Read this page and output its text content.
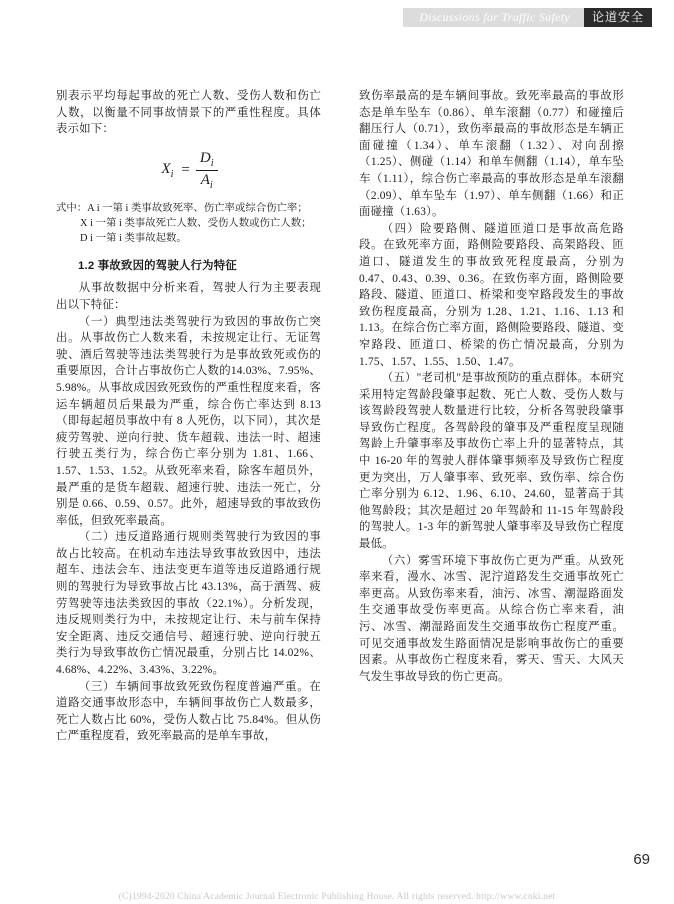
Discussions for Traffic Safety	论道安全

别表示平均每起事故的死亡人数、受伤人数和伤亡人数，以衡量不同事故情景下的严重性程度。具体表示如下：

$X_i = \frac{D_i}{A_i}$
式中：A i 一第 i 类事故致死率、伤亡率或综合伤亡率；
X i 一第 i 类事故死亡人数、受伤人数或伤亡人数；
D i 一第 i 类事故起数。
1.2 事故致因的驾驶人行为特征

从事故数据中分析来看，驾驶人行为主要表现出以下特征：

（一）典型违法类驾驶行为致因的事故伤亡突出。从事故伤亡人数来看，未按规定让行、无证驾驶、酒后驾驶等违法类驾驶行为是事故致死或伤的重要原因，合计占事故伤亡人数的14.03%、7.95%、5.98%。从事故成因致死致伤的严重性程度来看，客运车辆超员后果最为严重，综合伤亡率达到 8.13（即每起超员事故中有 8 人死伤，以下同），其次是疲劳驾驶、逆向行驶、货车超载、违法一时、超速行驶五类行为，综合伤亡率分别为 1.81、1.66、1.57、1.53、1.52。从致死率来看，除客车超员外，最严重的是货车超载、超速行驶、违法一死亡，分别是 0.66、0.59、0.57。此外，超速导致的事故致伤率低，但致死率最高。

（二）违反道路通行规则类驾驶行为致因的事故占比较高。在机动车违法导致事故致因中，违法超车、违法会车、违法变更车道等违反道路通行规则的驾驶行为导致事故占比 43.13%，高于酒驾、疲劳驾驶等违法类致因的事故（22.1%）。分析发现，违反规则类行为中，未按规定让行、未与前车保持安全距离、违反交通信号、超速行驶、逆向行驶五类行为导致事故伤亡情况最重，分别占比 14.02%、4.68%、4.22%、3.43%、3.22%。

（三）车辆间事故致死致伤程度普遍严重。在道路交通事故形态中，车辆间事故伤亡人数最多，死亡人数占比 60%，受伤人数占比 75.84%。但从伤亡严重程度看，致死率最高的是单车事故，

致伤率最高的是车辆间事故。致死率最高的事故形态是单车坠车（0.86）、单车滚翻（0.77）和碰撞后翻压行人（0.71），致伤率最高的事故形态是车辆正面碰撞（1.34）、单车滚翻（1.32）、对向刮擦（1.25）、侧碰（1.14）和单车侧翻（1.14），单车坠车（1.11），综合伤亡率最高的事故形态是单车滚翻（2.09）、单车坠车（1.97）、单车侧翻（1.66）和正面碰撞（1.63）。

（四）险要路侧、隧道匝道口是事故高危路段。在致死率方面，路侧险要路段、高架路段、匝道口、隧道发生的事故致死程度最高，分别为 0.47、0.43、0.39、0.36。在致伤率方面，路侧险要路段、隧道、匝道口、桥梁和变窄路段发生的事故致伤程度最高，分别为 1.28、1.21、1.16、1.13 和 1.13。在综合伤亡率方面，路侧险要路段、隧道、变窄路段、匝道口、桥梁的伤亡情况最高，分别为 1.75、1.57、1.55、1.50、1.47。

（五）"老司机"是事故预防的重点群体。本研究采用特定驾龄段肇事起数、死亡人数、受伤人数与该驾龄段驾驶人数量进行比较，分析各驾驶段肇事导致伤亡程度。各驾龄段的肇事及严重程度呈现随驾龄上升肇事率及事故伤亡率上升的显著特点，其中 16-20 年的驾驶人群体肇事频率及导致伤亡程度更为突出，万人肇事率、致死率、致伤率、综合伤亡率分别为 6.12、1.96、6.10、24.60，显著高于其他驾龄段；其次是超过 20 年驾龄和 11-15 年驾龄段的驾驶人。1-3 年的新驾驶人肇事率及导致伤亡程度最低。

（六）雾雪环境下事故伤亡更为严重。从致死率来看，漫水、冰雪、泥泞道路发生交通事故死亡率更高。从致伤率来看，油污、冰雪、潮湿路面发生交通事故受伤率更高。从综合伤亡率来看，油污、冰雪、潮湿路面发生交通事故伤亡程度严重。可见交通事故发生路面情况是影响事故伤亡的重要因素。从事故伤亡程度来看，雾天、雪天、大风天气发生事故导致的伤亡更高。

69
(C)1994-2020 China Academic Journal Electronic Publishing House. All rights reserved. http://www.cnki.net
